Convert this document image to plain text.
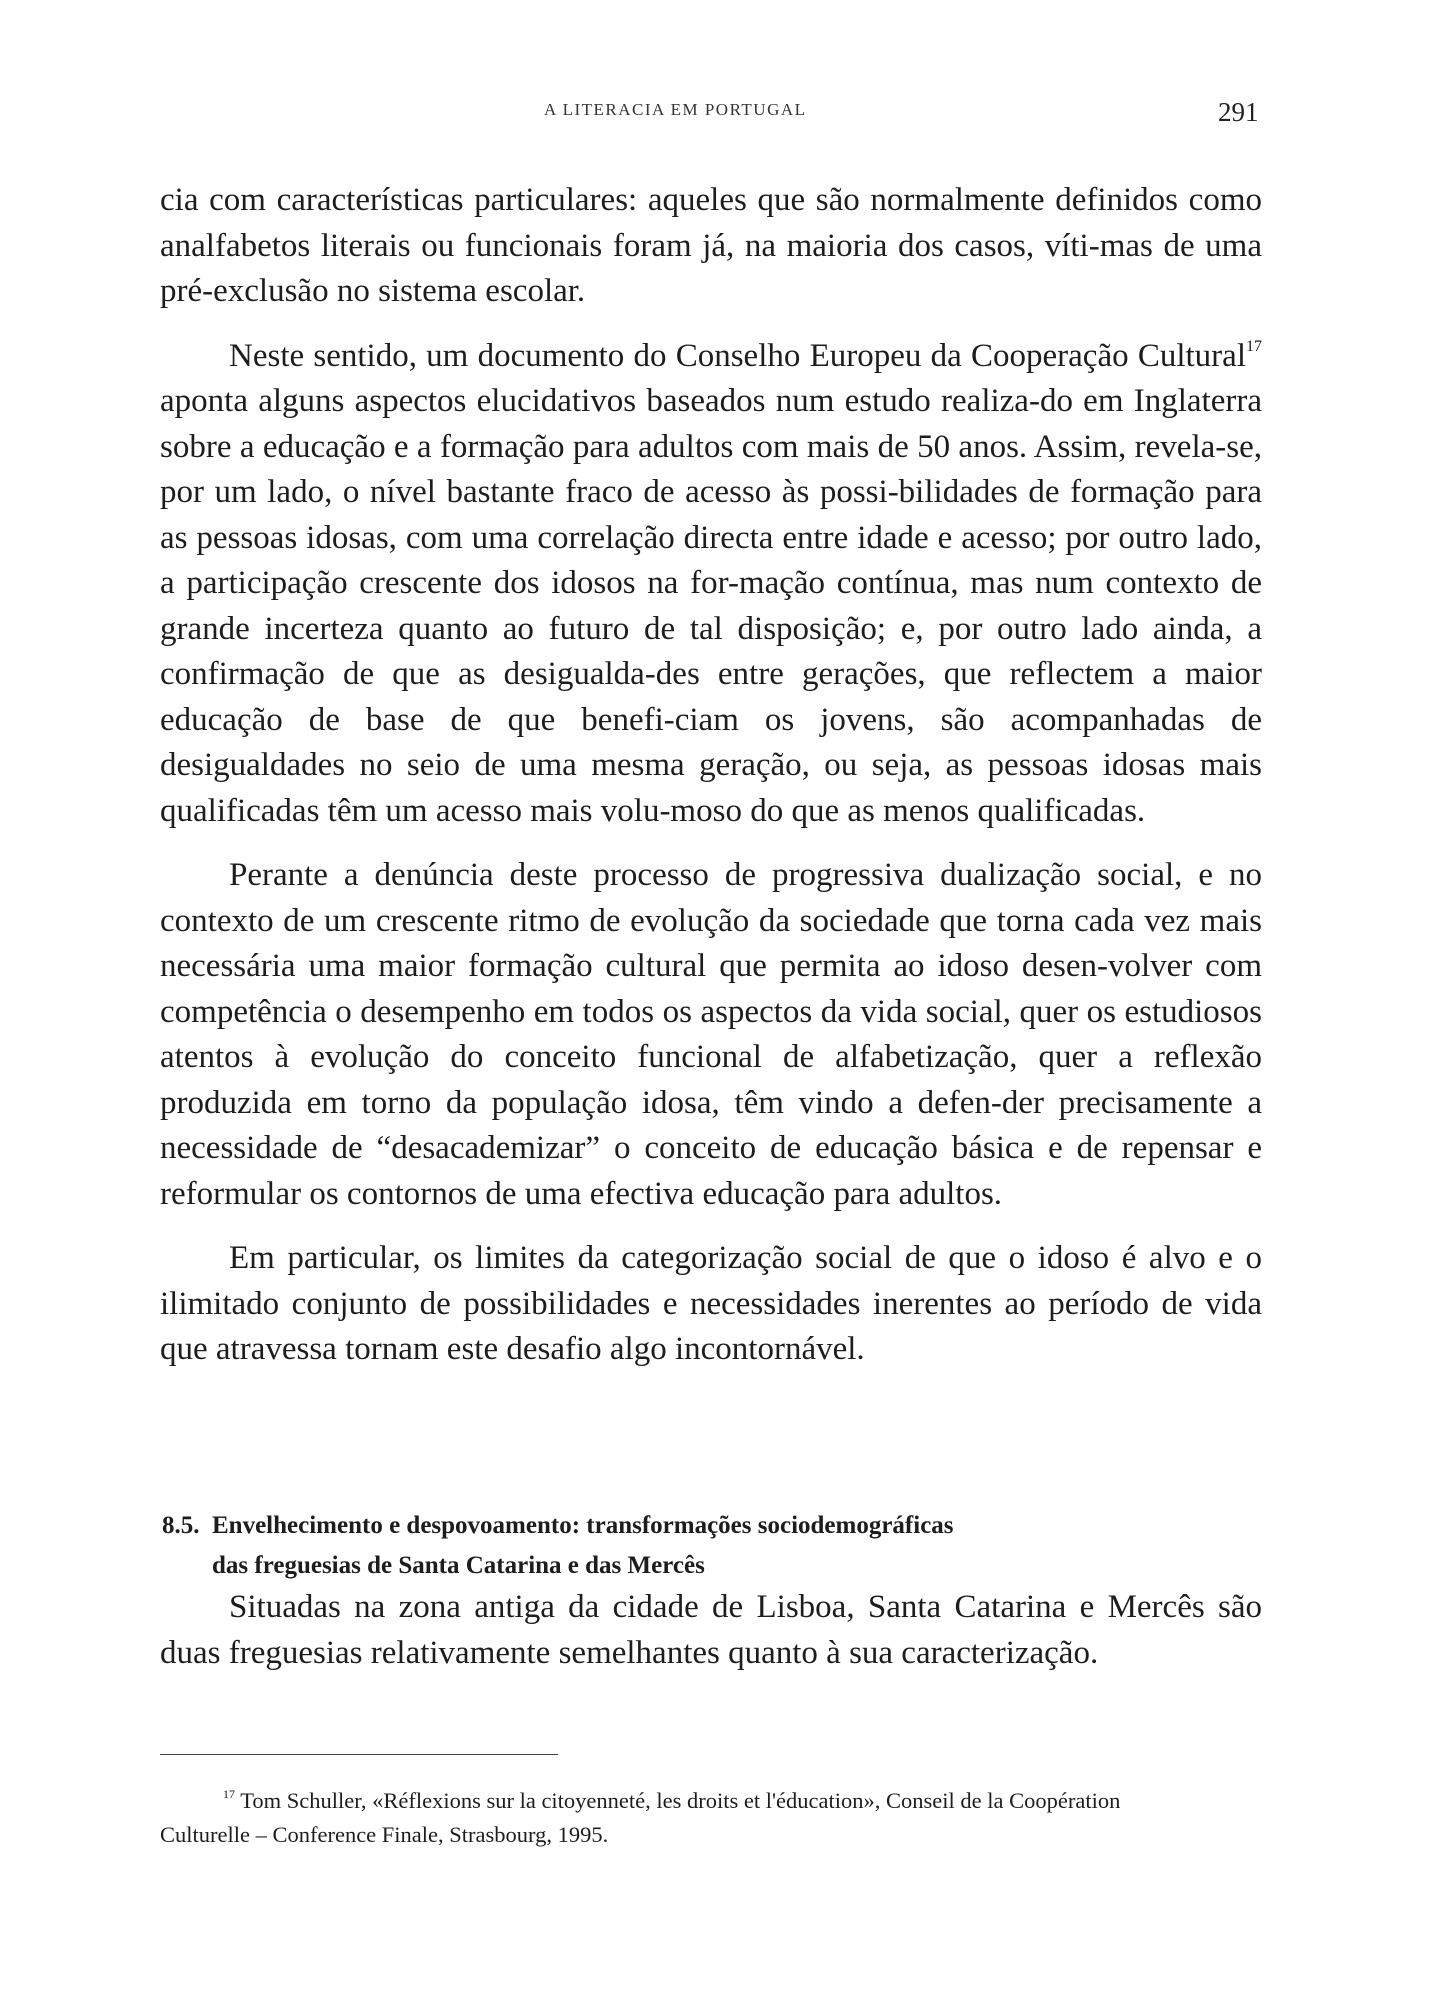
A LITERACIA EM PORTUGAL	291

cia com características particulares: aqueles que são normalmente definidos como analfabetos literais ou funcionais foram já, na maioria dos casos, víti-mas de uma pré-exclusão no sistema escolar.

Neste sentido, um documento do Conselho Europeu da Cooperação Cultural$^{17}$ aponta alguns aspectos elucidativos baseados num estudo realiza-do em Inglaterra sobre a educação e a formação para adultos com mais de 50 anos. Assim, revela-se, por um lado, o nível bastante fraco de acesso às possi-bilidades de formação para as pessoas idosas, com uma correlação directa entre idade e acesso; por outro lado, a participação crescente dos idosos na for-mação contínua, mas num contexto de grande incerteza quanto ao futuro de tal disposição; e, por outro lado ainda, a confirmação de que as desigualda-des entre gerações, que reflectem a maior educação de base de que benefi-ciam os jovens, são acompanhadas de desigualdades no seio de uma mesma geração, ou seja, as pessoas idosas mais qualificadas têm um acesso mais volu-moso do que as menos qualificadas.

Perante a denúncia deste processo de progressiva dualização social, e no contexto de um crescente ritmo de evolução da sociedade que torna cada vez mais necessária uma maior formação cultural que permita ao idoso desen-volver com competência o desempenho em todos os aspectos da vida social, quer os estudiosos atentos à evolução do conceito funcional de alfabetização, quer a reflexão produzida em torno da população idosa, têm vindo a defen-der precisamente a necessidade de “desacademizar” o conceito de educação básica e de repensar e reformular os contornos de uma efectiva educação para adultos.

Em particular, os limites da categorização social de que o idoso é alvo e o ilimitado conjunto de possibilidades e necessidades inerentes ao período de vida que atravessa tornam este desafio algo incontornável.

8.5. Envelhecimento e despovoamento: transformações sociodemográficas
das freguesias de Santa Catarina e das Mercês

Situadas na zona antiga da cidade de Lisboa, Santa Catarina e Mercês são duas freguesias relativamente semelhantes quanto à sua caracterização.

$^{17}$ Tom Schuller, «Réflexions sur la citoyenneté, les droits et l'éducation», Conseil de la Coopération
Culturelle – Conference Finale, Strasbourg, 1995.
